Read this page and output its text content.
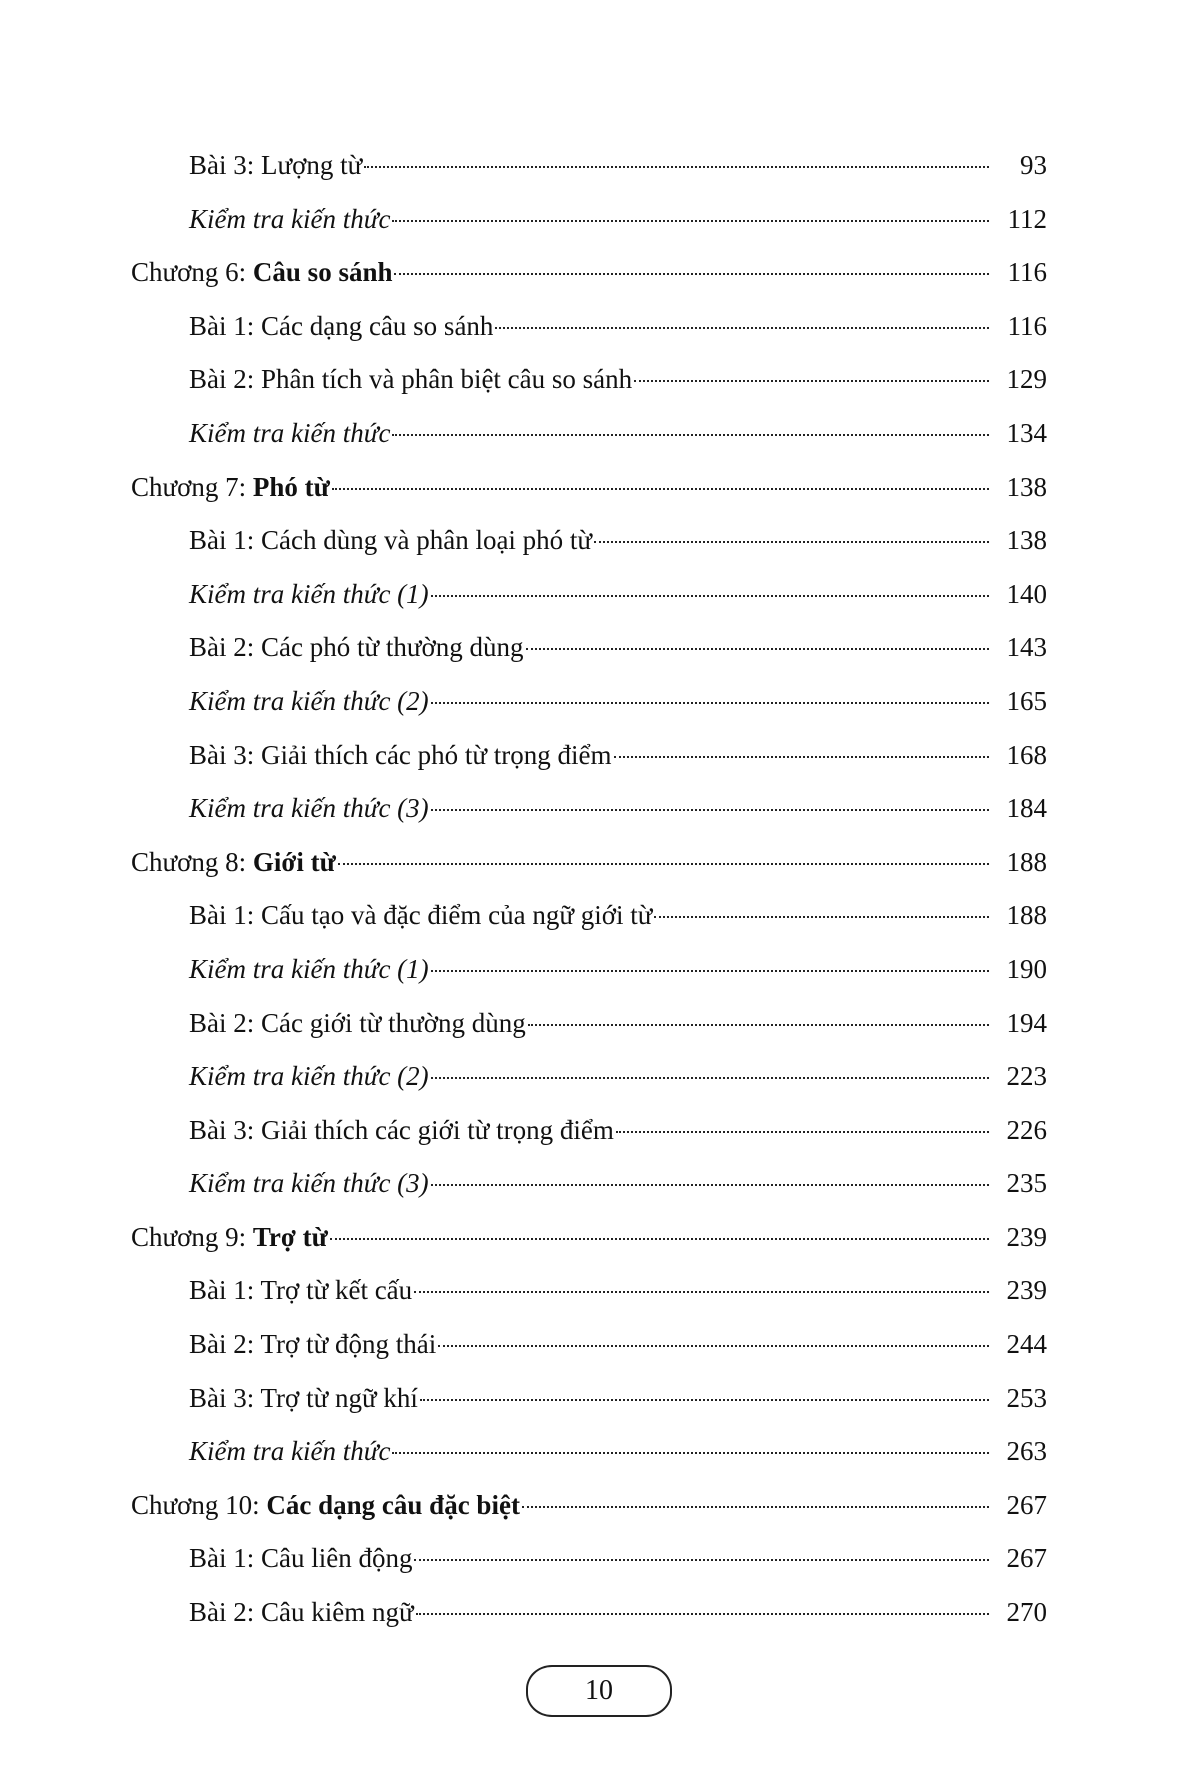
Bài 3: Lượng từ	93
Kiểm tra kiến thức	112
Chương 6: Câu so sánh	116
Bài 1: Các dạng câu so sánh	116
Bài 2: Phân tích và phân biệt câu so sánh	129
Kiểm tra kiến thức	134
Chương 7: Phó từ	138
Bài 1: Cách dùng và phân loại phó từ	138
Kiểm tra kiến thức (1)	140
Bài 2: Các phó từ thường dùng	143
Kiểm tra kiến thức (2)	165
Bài 3: Giải thích các phó từ trọng điểm	168
Kiểm tra kiến thức (3)	184
Chương 8: Giới từ	188
Bài 1: Cấu tạo và đặc điểm của ngữ giới từ	188
Kiểm tra kiến thức (1)	190
Bài 2: Các giới từ thường dùng	194
Kiểm tra kiến thức (2)	223
Bài 3: Giải thích các giới từ trọng điểm	226
Kiểm tra kiến thức (3)	235
Chương 9: Trợ từ	239
Bài 1: Trợ từ kết cấu	239
Bài 2: Trợ từ động thái	244
Bài 3: Trợ từ ngữ khí	253
Kiểm tra kiến thức	263
Chương 10: Các dạng câu đặc biệt	267
Bài 1: Câu liên động	267
Bài 2: Câu kiêm ngữ	270
10
